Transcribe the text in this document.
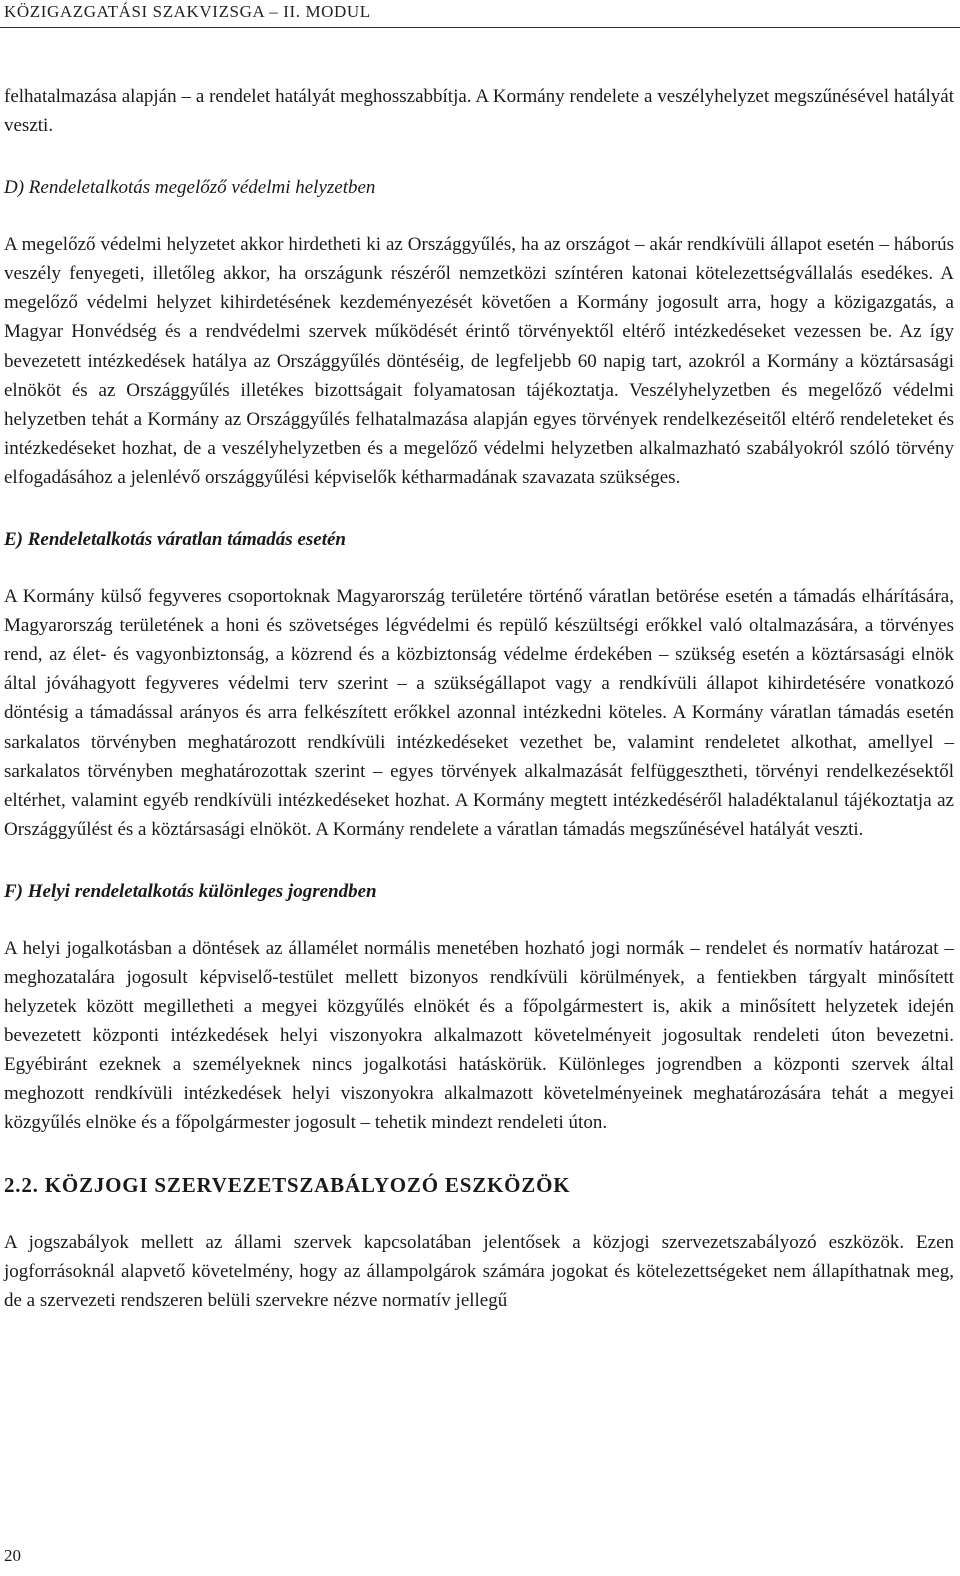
KÖZIGAZGATÁSI SZAKVIZSGA – II. MODUL

felhatalmazása alapján – a rendelet hatályát meghosszabbítja. A Kormány rendelete a veszélyhelyzet megszűnésével hatályát veszti.

D) Rendeletalkotás megelőző védelmi helyzetben

A megelőző védelmi helyzetet akkor hirdetheti ki az Országgyűlés, ha az országot – akár rendkívüli állapot esetén – háborús veszély fenyegeti, illetőleg akkor, ha országunk részéről nemzetközi színtéren katonai kötelezettségvállalás esedékes. A megelőző védelmi helyzet kihirdetésének kezdeményezését követően a Kormány jogosult arra, hogy a közigazgatás, a Magyar Honvédség és a rendvédelmi szervek működését érintő törvényektől eltérő intézkedéseket vezessen be. Az így bevezetett intézkedések hatálya az Országgyűlés döntéséig, de legfeljebb 60 napig tart, azokról a Kormány a köztársasági elnököt és az Országgyűlés illetékes bizottságait folyamatosan tájékoztatja. Veszélyhelyzetben és megelőző védelmi helyzetben tehát a Kormány az Országgyűlés felhatalmazása alapján egyes törvények rendelkezéseitől eltérő rendeleteket és intézkedéseket hozhat, de a veszélyhelyzetben és a megelőző védelmi helyzetben alkalmazható szabályokról szóló törvény elfogadásához a jelenlévő országgyűlési képviselők kétharmadának szavazata szükséges.

E) Rendeletalkotás váratlan támadás esetén

A Kormány külső fegyveres csoportoknak Magyarország területére történő váratlan betörése esetén a támadás elhárítására, Magyarország területének a honi és szövetséges légvédelmi és repülő készültségi erőkkel való oltalmazására, a törvényes rend, az élet- és vagyonbiztonság, a közrend és a közbiztonság védelme érdekében – szükség esetén a köztársasági elnök által jóváhagyott fegyveres védelmi terv szerint – a szükségállapot vagy a rendkívüli állapot kihirdetésére vonatkozó döntésig a támadással arányos és arra felkészített erőkkel azonnal intézkedni köteles. A Kormány váratlan támadás esetén sarkalatos törvényben meghatározott rendkívüli intézkedéseket vezethet be, valamint rendeletet alkothat, amellyel – sarkalatos törvényben meghatározottak szerint – egyes törvények alkalmazását felfüggesztheti, törvényi rendelkezésektől eltérhet, valamint egyéb rendkívüli intézkedéseket hozhat. A Kormány megtett intézkedéséről haladéktalanul tájékoztatja az Országgyűlést és a köztársasági elnököt. A Kormány rendelete a váratlan támadás megszűnésével hatályát veszti.

F) Helyi rendeletalkotás különleges jogrendben

A helyi jogalkotásban a döntések az államélet normális menetében hozható jogi normák – rendelet és normatív határozat – meghozatalára jogosult képviselő-testület mellett bizonyos rendkívüli körülmények, a fentiekben tárgyalt minősített helyzetek között megilletheti a megyei közgyűlés elnökét és a főpolgármestert is, akik a minősített helyzetek idején bevezetett központi intézkedések helyi viszonyokra alkalmazott követelményeit jogosultak rendeleti úton bevezetni. Egyébiránt ezeknek a személyeknek nincs jogalkotási hatáskörük. Különleges jogrendben a központi szervek által meghozott rendkívüli intézkedések helyi viszonyokra alkalmazott követelményeinek meghatározására tehát a megyei közgyűlés elnöke és a főpolgármester jogosult – tehetik mindezt rendeleti úton.

2.2. KÖZJOGI SZERVEZETSZABÁLYOZÓ ESZKÖZÖK

A jogszabályok mellett az állami szervek kapcsolatában jelentősek a közjogi szervezetszabályozó eszközök. Ezen jogforrásoknál alapvető követelmény, hogy az állampolgárok számára jogokat és kötelezettségeket nem állapíthatnak meg, de a szervezeti rendszeren belüli szervekre nézve normatív jellegű

20
